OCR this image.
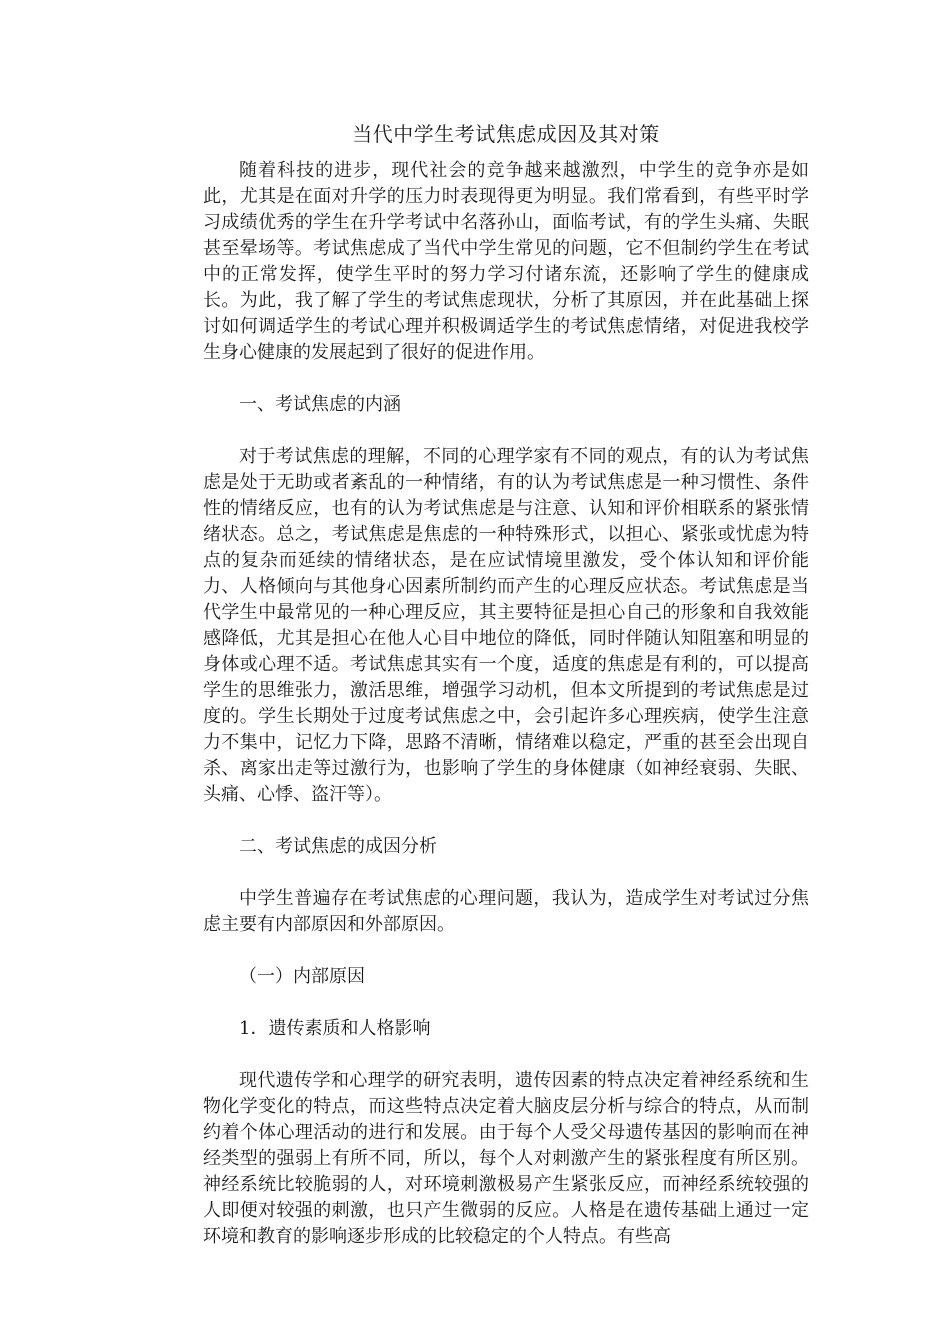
当代中学生考试焦虑成因及其对策

随着科技的进步，现代社会的竞争越来越激烈，中学生的竞争亦是如此，尤其是在面对升学的压力时表现得更为明显。我们常看到，有些平时学习成绩优秀的学生在升学考试中名落孙山，面临考试，有的学生头痛、失眠甚至晕场等。考试焦虑成了当代中学生常见的问题，它不但制约学生在考试中的正常发挥，使学生平时的努力学习付诸东流，还影响了学生的健康成长。为此，我了解了学生的考试焦虑现状，分析了其原因，并在此基础上探讨如何调适学生的考试心理并积极调适学生的考试焦虑情绪，对促进我校学生身心健康的发展起到了很好的促进作用。

一、考试焦虑的内涵

对于考试焦虑的理解，不同的心理学家有不同的观点，有的认为考试焦虑是处于无助或者紊乱的一种情绪，有的认为考试焦虑是一种习惯性、条件性的情绪反应，也有的认为考试焦虑是与注意、认知和评价相联系的紧张情绪状态。总之，考试焦虑是焦虑的一种特殊形式，以担心、紧张或忧虑为特点的复杂而延续的情绪状态，是在应试情境里激发，受个体认知和评价能力、人格倾向与其他身心因素所制约而产生的心理反应状态。考试焦虑是当代学生中最常见的一种心理反应，其主要特征是担心自己的形象和自我效能感降低，尤其是担心在他人心目中地位的降低，同时伴随认知阻塞和明显的身体或心理不适。考试焦虑其实有一个度，适度的焦虑是有利的，可以提高学生的思维张力，激活思维，增强学习动机，但本文所提到的考试焦虑是过度的。学生长期处于过度考试焦虑之中，会引起许多心理疾病，使学生注意力不集中，记忆力下降，思路不清晰，情绪难以稳定，严重的甚至会出现自杀、离家出走等过激行为，也影响了学生的身体健康（如神经衰弱、失眠、头痛、心悸、盗汗等）。

二、考试焦虑的成因分析

中学生普遍存在考试焦虑的心理问题，我认为，造成学生对考试过分焦虑主要有内部原因和外部原因。

（一）内部原因

1．遗传素质和人格影响

现代遗传学和心理学的研究表明，遗传因素的特点决定着神经系统和生物化学变化的特点，而这些特点决定着大脑皮层分析与综合的特点，从而制约着个体心理活动的进行和发展。由于每个人受父母遗传基因的影响而在神经类型的强弱上有所不同，所以，每个人对刺激产生的紧张程度有所区别。神经系统比较脆弱的人，对环境刺激极易产生紧张反应，而神经系统较强的人即便对较强的刺激，也只产生微弱的反应。人格是在遗传基础上通过一定环境和教育的影响逐步形成的比较稳定的个人特点。有些高
